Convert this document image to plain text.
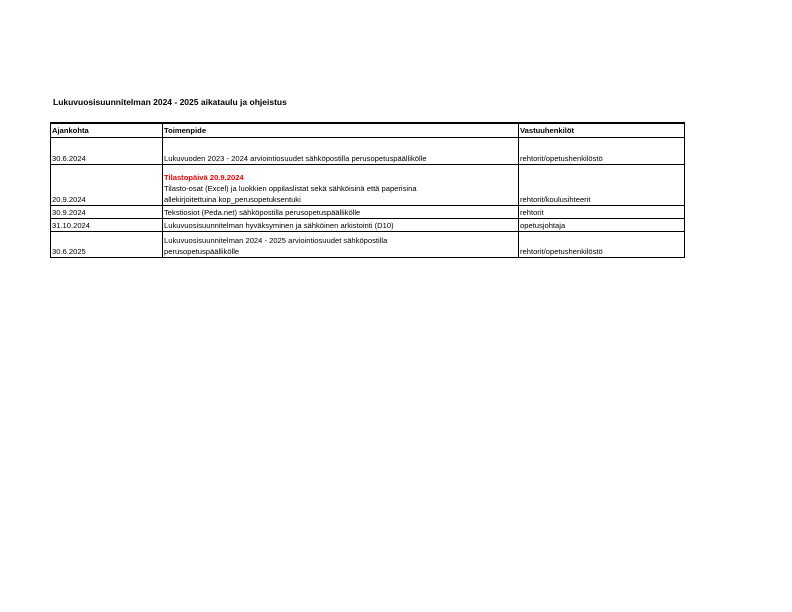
Lukuvuosisuunnitelman 2024 - 2025 aikataulu ja ohjeistus
Ajankohta	Toimenpide	Vastuuhenkilöt
30.6.2024	Lukuvuoden 2023 - 2024 arviointiosuudet sähköpostilla perusopetuspäällikölle	rehtorit/opetushenkilöstö
20.9.2024	Tilastopäivä 20.9.2024
Tilasto-osat (Excel) ja luokkien oppilaslistat sekä sähköisinä että paperisina
allekirjoitettuina kop_perusopetuksentuki	rehtorit/koulusihteerit
30.9.2024	Tekstiosiot (Peda.net) sähköpostilla perusopetuspäällikölle	rehtorit
31.10.2024	Lukuvuosisuunnitelman hyväksyminen ja sähköinen arkistointi (D10)	opetusjohtaja
30.6.2025	Lukuvuosisuunnitelman 2024 - 2025 arviointiosuudet sähköpostilla
perusopetuspäällikölle	rehtorit/opetushenkilöstö
